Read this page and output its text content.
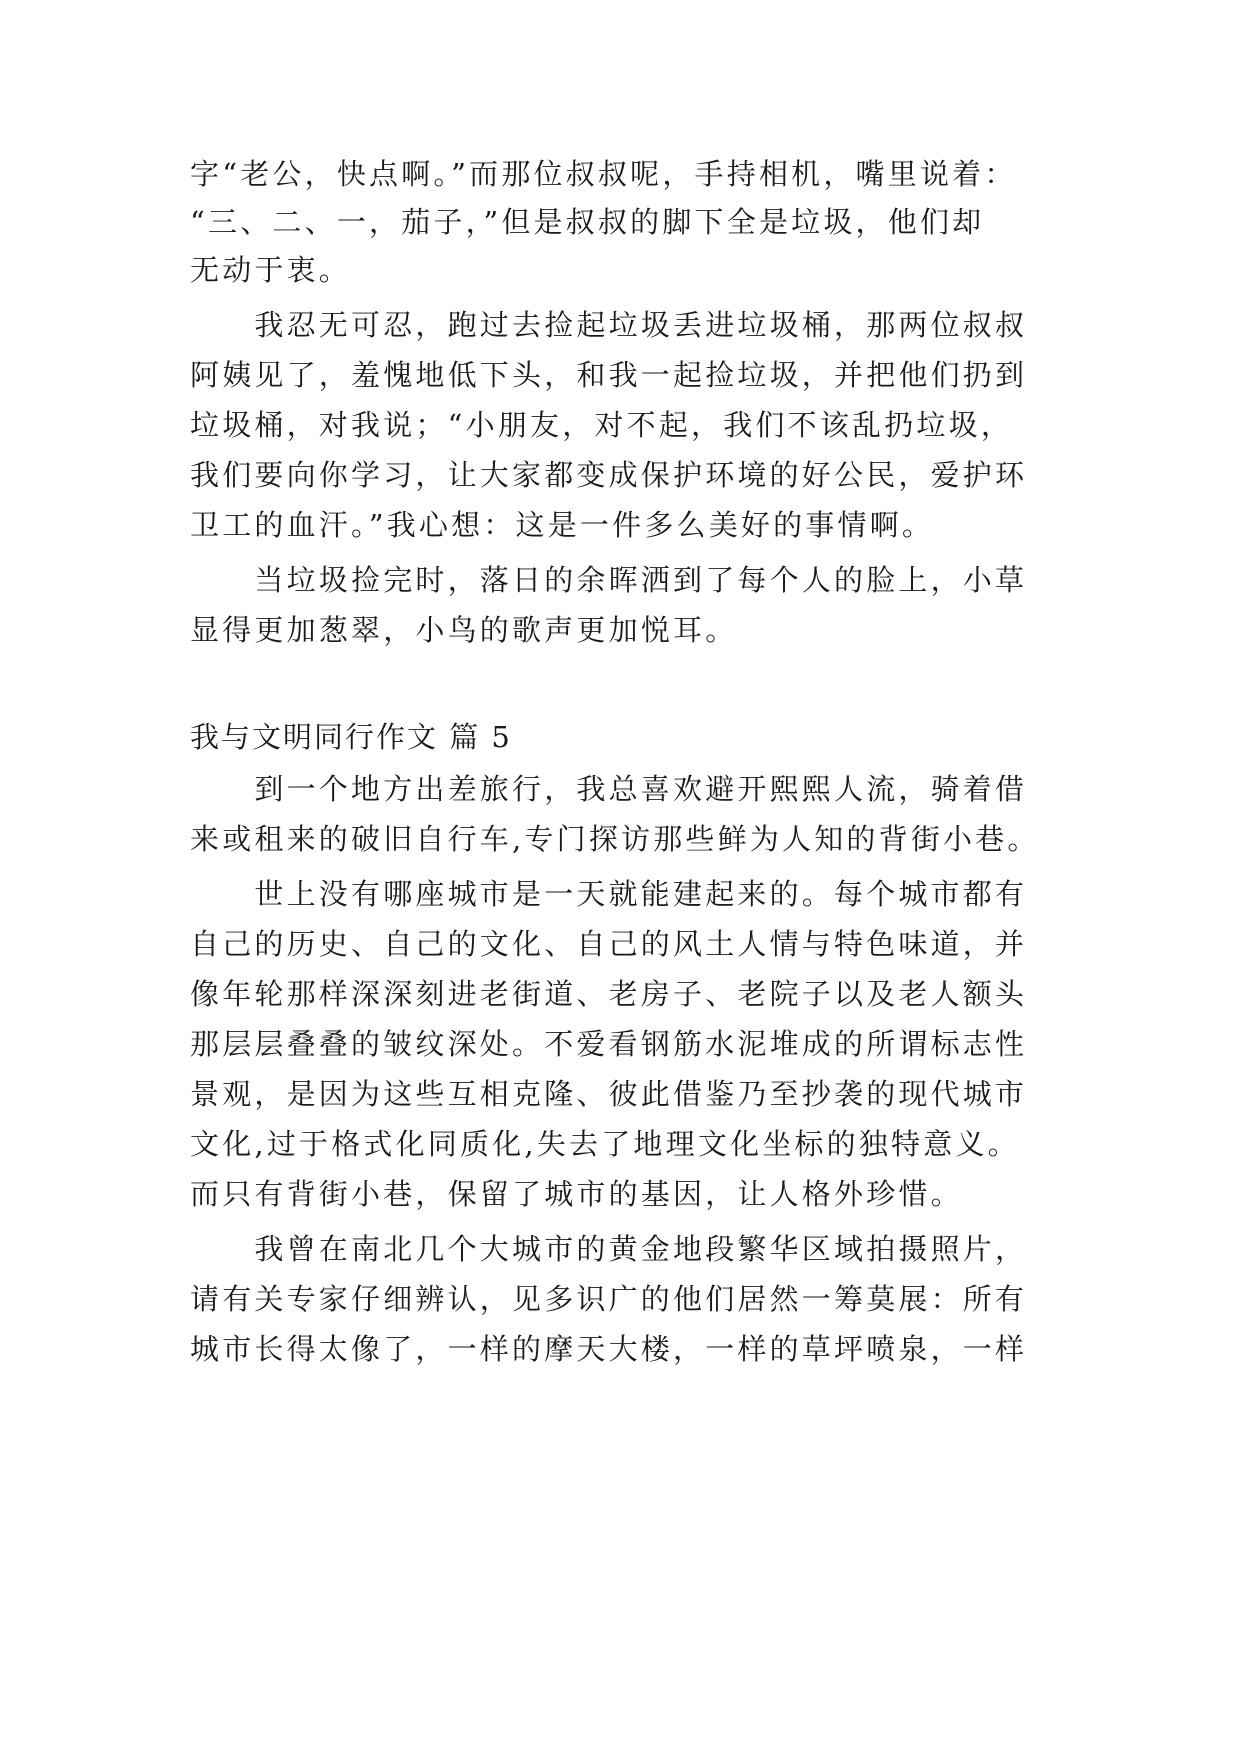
字“老公，快点啊。”而那位叔叔呢，手持相机，嘴里说着：

“三、二、一，茄子，”但是叔叔的脚下全是垃圾，他们却

无动于衷。

　　我忍无可忍，跑过去捡起垃圾丢进垃圾桶，那两位叔叔

阿姨见了，羞愧地低下头，和我一起捡垃圾，并把他们扔到

垃圾桶，对我说；“小朋友，对不起，我们不该乱扔垃圾，

我们要向你学习，让大家都变成保护环境的好公民，爱护环

卫工的血汗。”我心想：这是一件多么美好的事情啊。

　　当垃圾捡完时，落日的余晖洒到了每个人的脸上，小草

显得更加葱翠，小鸟的歌声更加悦耳。

我与文明同行作文 篇 5

　　到一个地方出差旅行，我总喜欢避开熙熙人流，骑着借

来或租来的破旧自行车,专门探访那些鲜为人知的背街小巷。

　　世上没有哪座城市是一天就能建起来的。每个城市都有

自己的历史、自己的文化、自己的风土人情与特色味道，并

像年轮那样深深刻进老街道、老房子、老院子以及老人额头

那层层叠叠的皱纹深处。不爱看钢筋水泥堆成的所谓标志性

景观，是因为这些互相克隆、彼此借鉴乃至抄袭的现代城市

文化,过于格式化同质化,失去了地理文化坐标的独特意义。

而只有背街小巷，保留了城市的基因，让人格外珍惜。

　　我曾在南北几个大城市的黄金地段繁华区域拍摄照片，

请有关专家仔细辨认，见多识广的他们居然一筹莫展：所有

城市长得太像了，一样的摩天大楼，一样的草坪喷泉，一样
